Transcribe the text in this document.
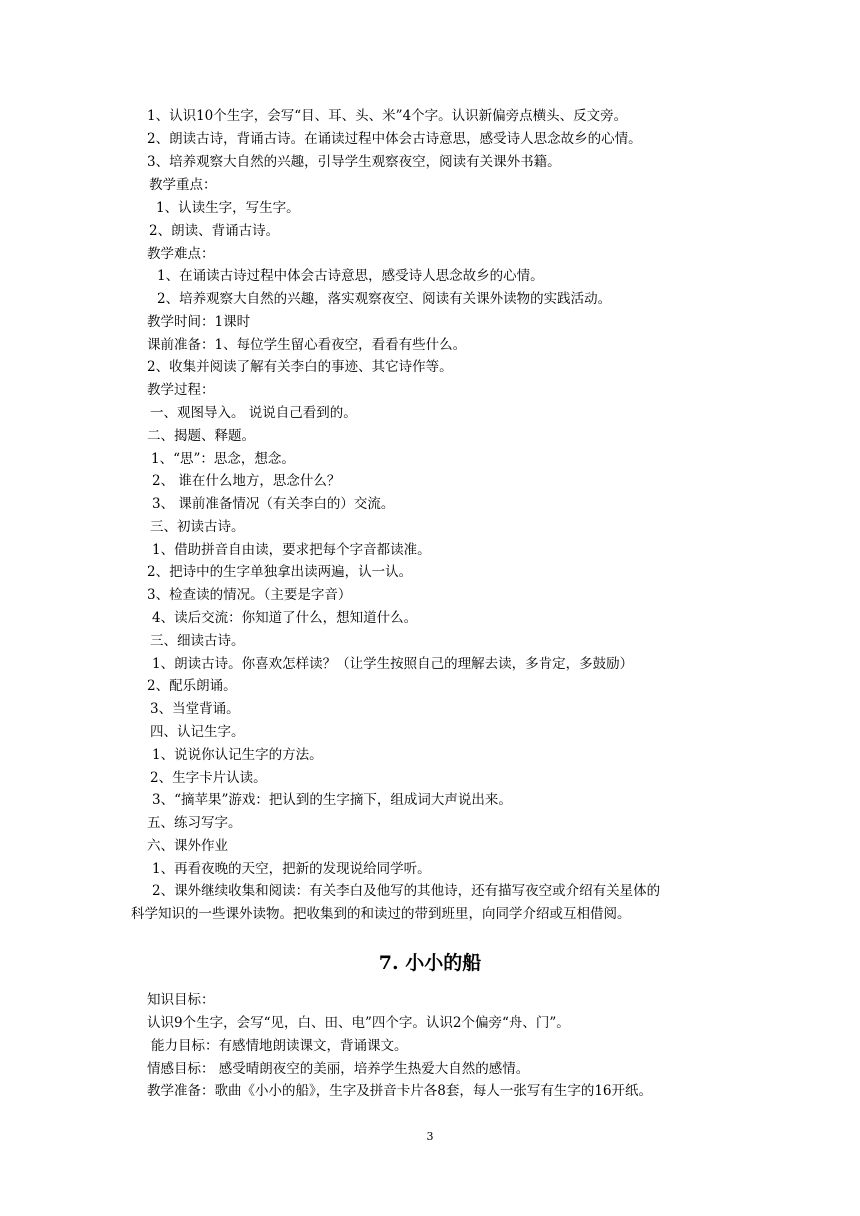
1、认识10个生字，会写“目、耳、头、米”4个字。认识新偏旁点横头、反文旁。
2、朗读古诗，背诵古诗。在诵读过程中体会古诗意思，感受诗人思念故乡的心情。
3、培养观察大自然的兴趣，引导学生观察夜空，阅读有关课外书籍。
教学重点：
1、认读生字，写生字。
2、朗读、背诵古诗。
教学难点：
1、在诵读古诗过程中体会古诗意思，感受诗人思念故乡的心情。
2、培养观察大自然的兴趣，落实观察夜空、阅读有关课外读物的实践活动。
教学时间：1课时
课前准备：1、每位学生留心看夜空，看看有些什么。
2、收集并阅读了解有关李白的事迹、其它诗作等。
教学过程：
一、观图导入。 说说自己看到的。
二、揭题、释题。
1、“思”：思念，想念。
2、 谁在什么地方，思念什么？
3、 课前准备情况（有关李白的）交流。
三、初读古诗。
1、借助拼音自由读，要求把每个字音都读准。
2、把诗中的生字单独拿出读两遍，认一认。
3、检查读的情况。（主要是字音）
4、读后交流：你知道了什么，想知道什么。
三、细读古诗。
1、朗读古诗。你喜欢怎样读？（让学生按照自己的理解去读，多肯定，多鼓励）
2、配乐朗诵。
3、当堂背诵。
四、认记生字。
1、说说你认记生字的方法。
2、生字卡片认读。
3、“摘苹果”游戏：把认到的生字摘下，组成词大声说出来。
五、练习写字。
六、课外作业
1、再看夜晚的天空，把新的发现说给同学听。
2、课外继续收集和阅读：有关李白及他写的其他诗，还有描写夜空或介绍有关星体的
科学知识的一些课外读物。把收集到的和读过的带到班里，向同学介绍或互相借阅。
7. 小小的船
知识目标：
认识9个生字，会写“见，白、田、电”四个字。认识2个偏旁“舟、门”。
能力目标：有感情地朗读课文，背诵课文。
情感目标： 感受晴朗夜空的美丽，培养学生热爱大自然的感情。
教学准备：歌曲《小小的船》，生字及拼音卡片各8套，每人一张写有生字的16开纸。
3
